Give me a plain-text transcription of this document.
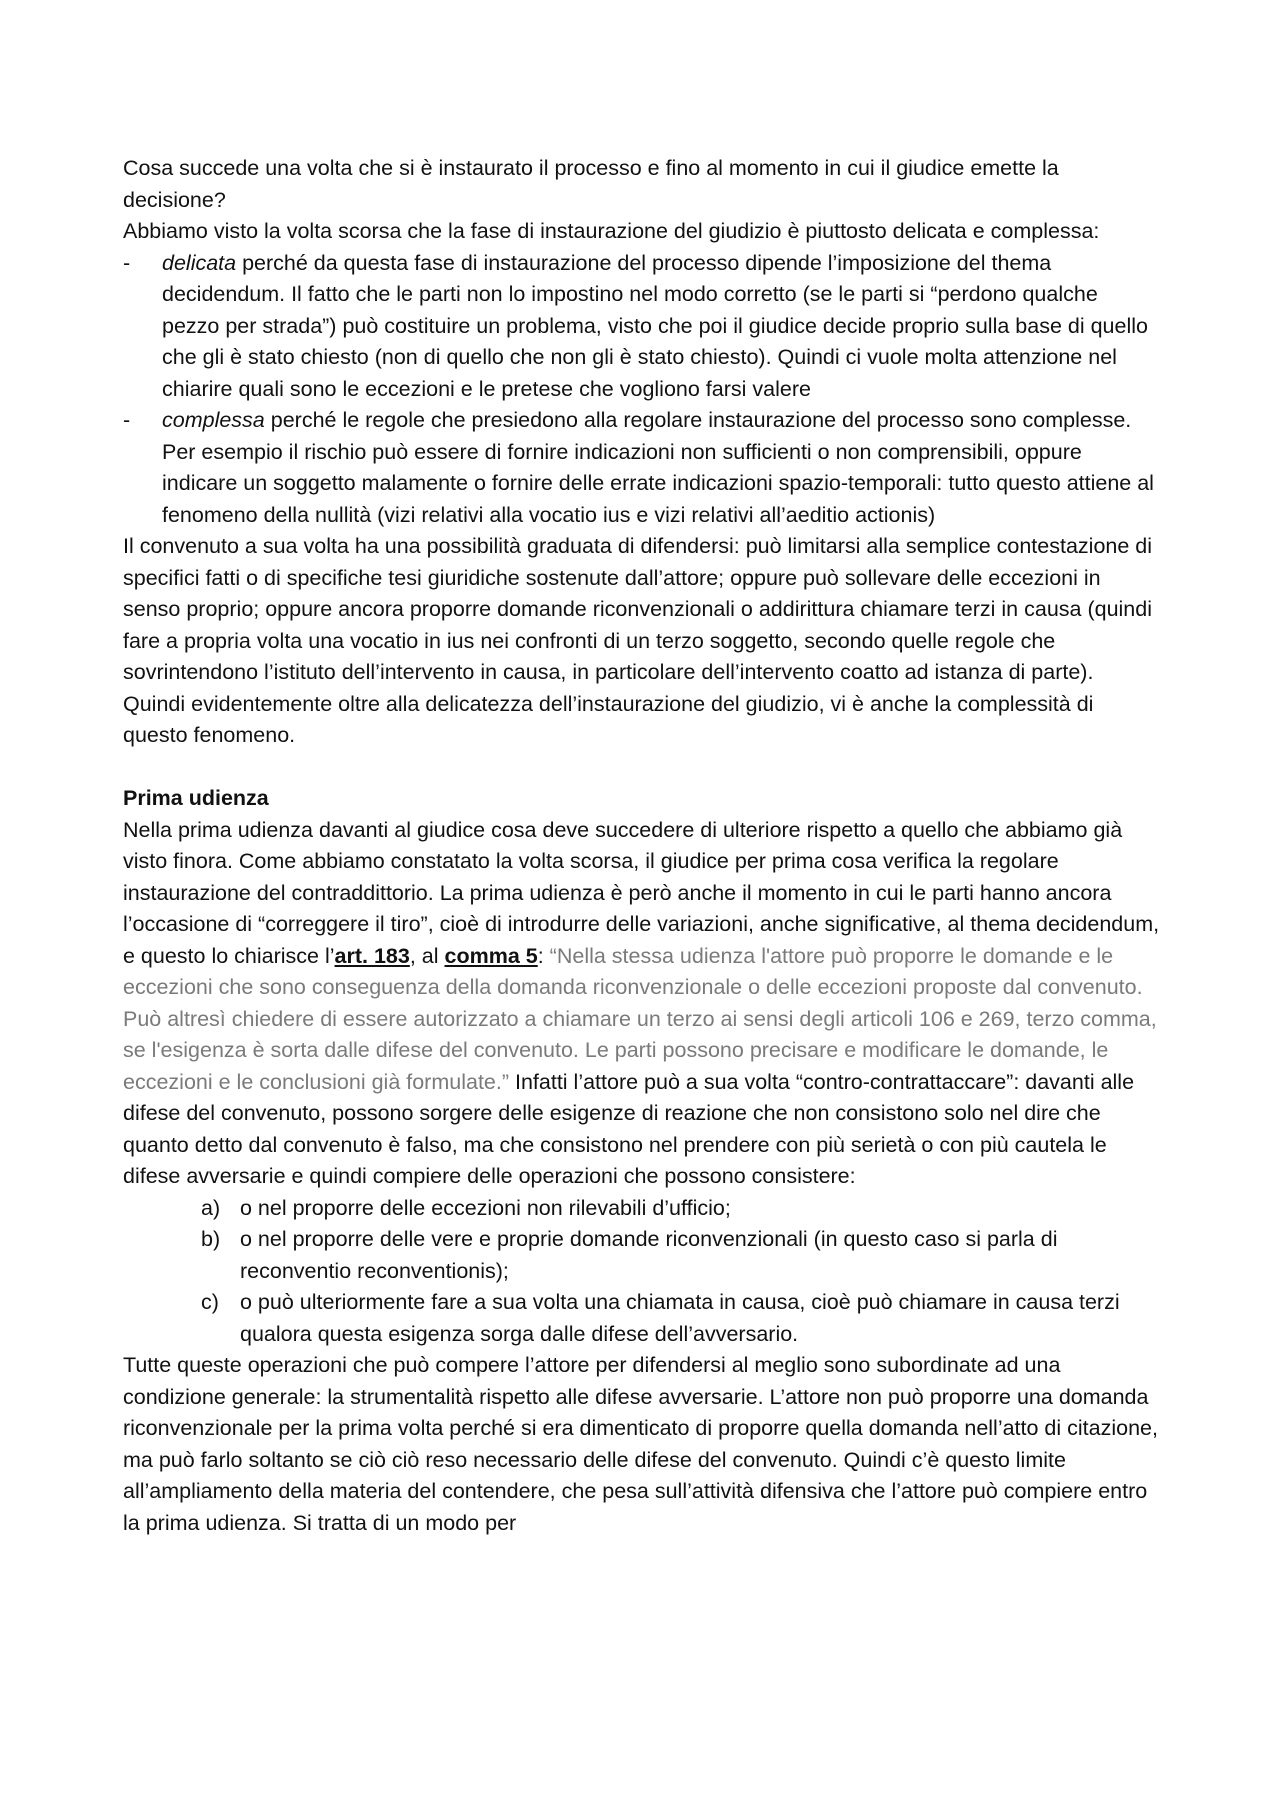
Cosa succede una volta che si è instaurato il processo e fino al momento in cui il giudice emette la decisione?

Abbiamo visto la volta scorsa che la fase di instaurazione del giudizio è piuttosto delicata e complessa:

- delicata perché da questa fase di instaurazione del processo dipende l’imposizione del thema decidendum. Il fatto che le parti non lo impostino nel modo corretto (se le parti si “perdono qualche pezzo per strada”) può costituire un problema, visto che poi il giudice decide proprio sulla base di quello che gli è stato chiesto (non di quello che non gli è stato chiesto). Quindi ci vuole molta attenzione nel chiarire quali sono le eccezioni e le pretese che vogliono farsi valere
- complessa perché le regole che presiedono alla regolare instaurazione del processo sono complesse. Per esempio il rischio può essere di fornire indicazioni non sufficienti o non comprensibili, oppure indicare un soggetto malamente o fornire delle errate indicazioni spazio-temporali: tutto questo attiene al fenomeno della nullità (vizi relativi alla vocatio ius e vizi relativi all’aeditio actionis)

Il convenuto a sua volta ha una possibilità graduata di difendersi: può limitarsi alla semplice contestazione di specifici fatti o di specifiche tesi giuridiche sostenute dall’attore; oppure può sollevare delle eccezioni in senso proprio; oppure ancora proporre domande riconvenzionali o addirittura chiamare terzi in causa (quindi fare a propria volta una vocatio in ius nei confronti di un terzo soggetto, secondo quelle regole che sovrintendono l’istituto dell’intervento in causa, in particolare dell’intervento coatto ad istanza di parte).

Quindi evidentemente oltre alla delicatezza dell’instaurazione del giudizio, vi è anche la complessità di questo fenomeno.

Prima udienza

Nella prima udienza davanti al giudice cosa deve succedere di ulteriore rispetto a quello che abbiamo già visto finora. Come abbiamo constatato la volta scorsa, il giudice per prima cosa verifica la regolare instaurazione del contraddittorio. La prima udienza è però anche il momento in cui le parti hanno ancora l’occasione di “correggere il tiro”, cioè di introdurre delle variazioni, anche significative, al thema decidendum, e questo lo chiarisce l’art. 183, al comma 5: “Nella stessa udienza l'attore può proporre le domande e le eccezioni che sono conseguenza della domanda riconvenzionale o delle eccezioni proposte dal convenuto. Può altresì chiedere di essere autorizzato a chiamare un terzo ai sensi degli articoli 106 e 269, terzo comma, se l'esigenza è sorta dalle difese del convenuto. Le parti possono precisare e modificare le domande, le eccezioni e le conclusioni già formulate.” Infatti l’attore può a sua volta “contro-contrattaccare”: davanti alle difese del convenuto, possono sorgere delle esigenze di reazione che non consistono solo nel dire che quanto detto dal convenuto è falso, ma che consistono nel prendere con più serietà o con più cautela le difese avversarie e quindi compiere delle operazioni che possono consistere:

a) o nel proporre delle eccezioni non rilevabili d’ufficio;
b) o nel proporre delle vere e proprie domande riconvenzionali (in questo caso si parla di reconventio reconventionis);
c) o può ulteriormente fare a sua volta una chiamata in causa, cioè può chiamare in causa terzi qualora questa esigenza sorga dalle difese dell’avversario.

Tutte queste operazioni che può compere l’attore per difendersi al meglio sono subordinate ad una condizione generale: la strumentalità rispetto alle difese avversarie. L’attore non può proporre una domanda riconvenzionale per la prima volta perché si era dimenticato di proporre quella domanda nell’atto di citazione, ma può farlo soltanto se ciò ciò reso necessario delle difese del convenuto. Quindi c’è questo limite all’ampliamento della materia del contendere, che pesa sull’attività difensiva che l’attore può compiere entro la prima udienza. Si tratta di un modo per
